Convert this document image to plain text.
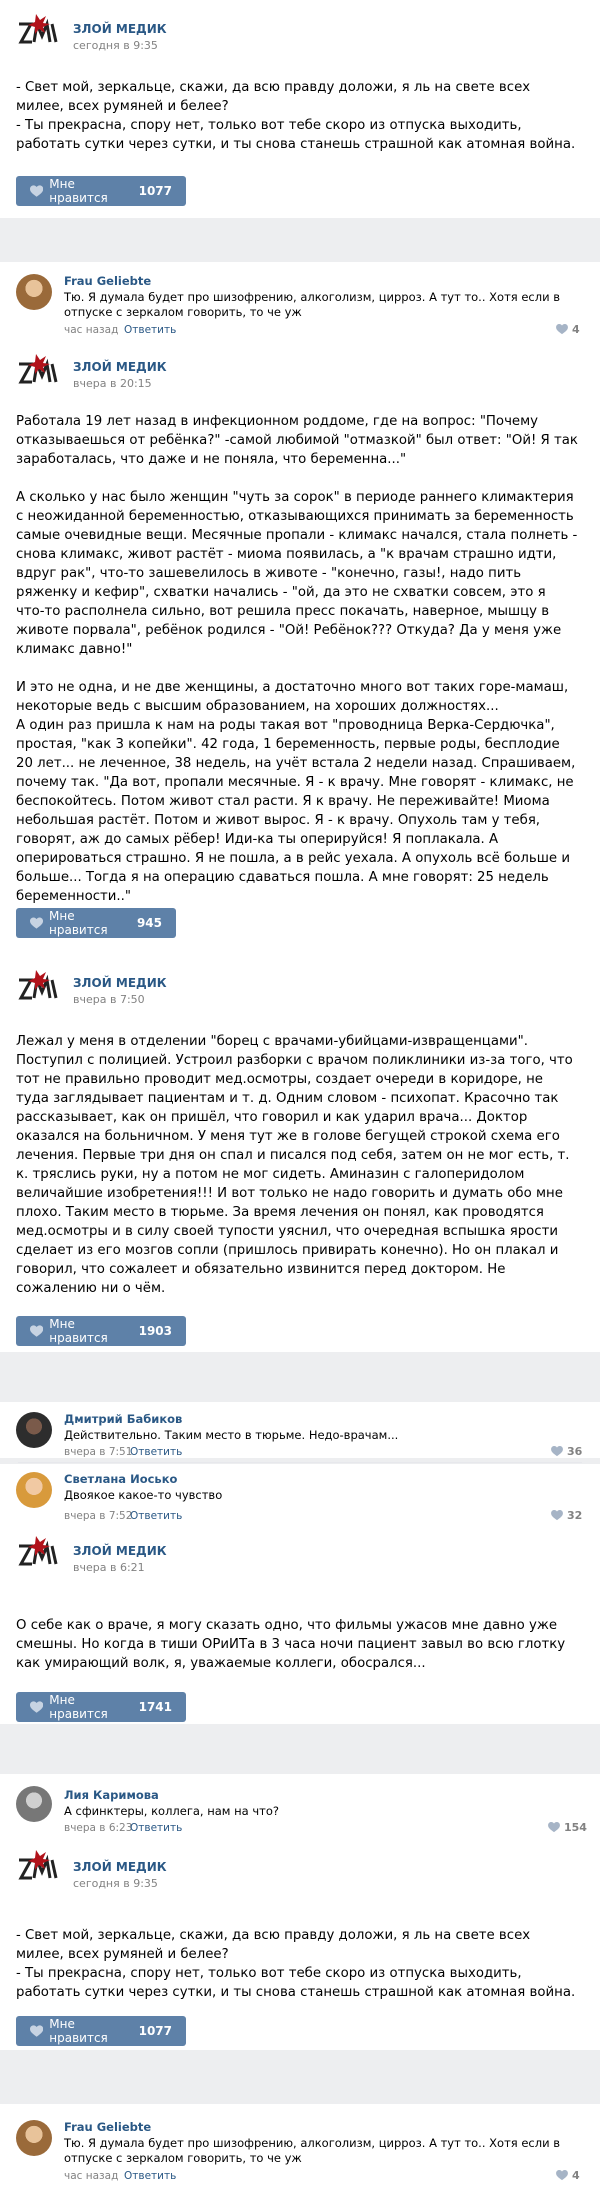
ЗЛОЙ МЕДИК
сегодня в 9:35
- Свет мой, зеркальце, скажи, да всю правду доложи, я ль на свете всех милее, всех румяней и белее?
- Ты прекрасна, спору нет, только вот тебе скоро из отпуска выходить, работать сутки через сутки, и ты снова станешь страшной как атомная война.
Мне нравится	1077
Frau Geliebte
Тю. Я думала будет про шизофрению, алкоголизм, цирроз. А тут то.. Хотя если в отпуске с зеркалом говорить, то че уж
час назад Ответить	4
ЗЛОЙ МЕДИК
вчера в 20:15
Работала 19 лет назад в инфекционном роддоме, где на вопрос: "Почему отказываешься от ребёнка?" -самой любимой "отмазкой" был ответ: "Ой! Я так заработалась, что даже и не поняла, что беременна..."

А сколько у нас было женщин "чуть за сорок" в периоде раннего климактерия с неожиданной беременностью, отказывающихся принимать за беременность самые очевидные вещи. Месячные пропали - климакс начался, стала полнеть - снова климакс, живот растёт - миома появилась, а "к врачам страшно идти, вдруг рак", что-то зашевелилось в животе - "конечно, газы!, надо пить ряженку и кефир", схватки начались - "ой, да это не схватки совсем, это я что-то располнела сильно, вот решила пресс покачать, наверное, мышцу в животе порвала", ребёнок родился - "Ой! Ребёнок??? Откуда? Да у меня уже климакс давно!"

И это не одна, и не две женщины, а достаточно много вот таких горе-мамаш, некоторые ведь с высшим образованием, на хороших должностях...
А один раз пришла к нам на роды такая вот "проводница Верка-Сердючка", простая, "как 3 копейки". 42 года, 1 беременность, первые роды, бесплодие 20 лет... не леченное, 38 недель, на учёт встала 2 недели назад. Спрашиваем, почему так. "Да вот, пропали месячные. Я - к врачу. Мне говорят - климакс, не беспокойтесь. Потом живот стал расти. Я к врачу. Не переживайте! Миома небольшая растёт. Потом и живот вырос. Я - к врачу. Опухоль там у тебя, говорят, аж до самых рёбер! Иди-ка ты оперируйся! Я поплакала. А оперироваться страшно. Я не пошла, а в рейс уехала. А опухоль всё больше и больше... Тогда я на операцию сдаваться пошла. А мне говорят: 25 недель беременности.."
Мне нравится	945
ЗЛОЙ МЕДИК
вчера в 7:50
Лежал у меня в отделении "борец с врачами-убийцами-извращенцами". Поступил с полицией. Устроил разборки с врачом поликлиники из-за того, что тот не правильно проводит мед.осмотры, создает очереди в коридоре, не туда заглядывает пациентам и т. д. Одним словом - психопат. Красочно так рассказывает, как он пришёл, что говорил и как ударил врача... Доктор оказался на больничном. У меня тут же в голове бегущей строкой схема его лечения. Первые три дня он спал и писался под себя, затем он не мог есть, т. к. тряслись руки, ну а потом не мог сидеть. Аминазин с галоперидолом величайшие изобретения!!! И вот только не надо говорить и думать обо мне плохо. Таким место в тюрьме. За время лечения он понял, как проводятся мед.осмотры и в силу своей тупости уяснил, что очередная вспышка ярости сделает из его мозгов сопли (пришлось привирать конечно). Но он плакал и говорил, что сожалеет и обязательно извинится перед доктором. Не сожалению ни о чём.
Мне нравится	1903
Дмитрий Бабиков
Действительно. Таким место в тюрьме. Недо-врачам...
вчера в 7:51
Ответить	36
Светлана Иосько
Двоякое какое-то чувство
вчера в 7:52
Ответить	32
ЗЛОЙ МЕДИК
вчера в 6:21
О себе как о враче, я могу сказать одно, что фильмы ужасов мне давно уже смешны. Но когда в тиши ОРиИТа в 3 часа ночи пациент завыл во всю глотку как умирающий волк, я, уважаемые коллеги, обосрался...
Мне нравится	1741
Лия Каримова
А сфинктеры, коллега, нам на что?
вчера в 6:23
Ответить	154
ЗЛОЙ МЕДИК
сегодня в 9:35
- Свет мой, зеркальце, скажи, да всю правду доложи, я ль на свете всех милее, всех румяней и белее?
- Ты прекрасна, спору нет, только вот тебе скоро из отпуска выходить, работать сутки через сутки, и ты снова станешь страшной как атомная война.
Мне нравится	1077
Frau Geliebte
Тю. Я думала будет про шизофрению, алкоголизм, цирроз. А тут то.. Хотя если в отпуске с зеркалом говорить, то че уж
час назад Ответить	4
